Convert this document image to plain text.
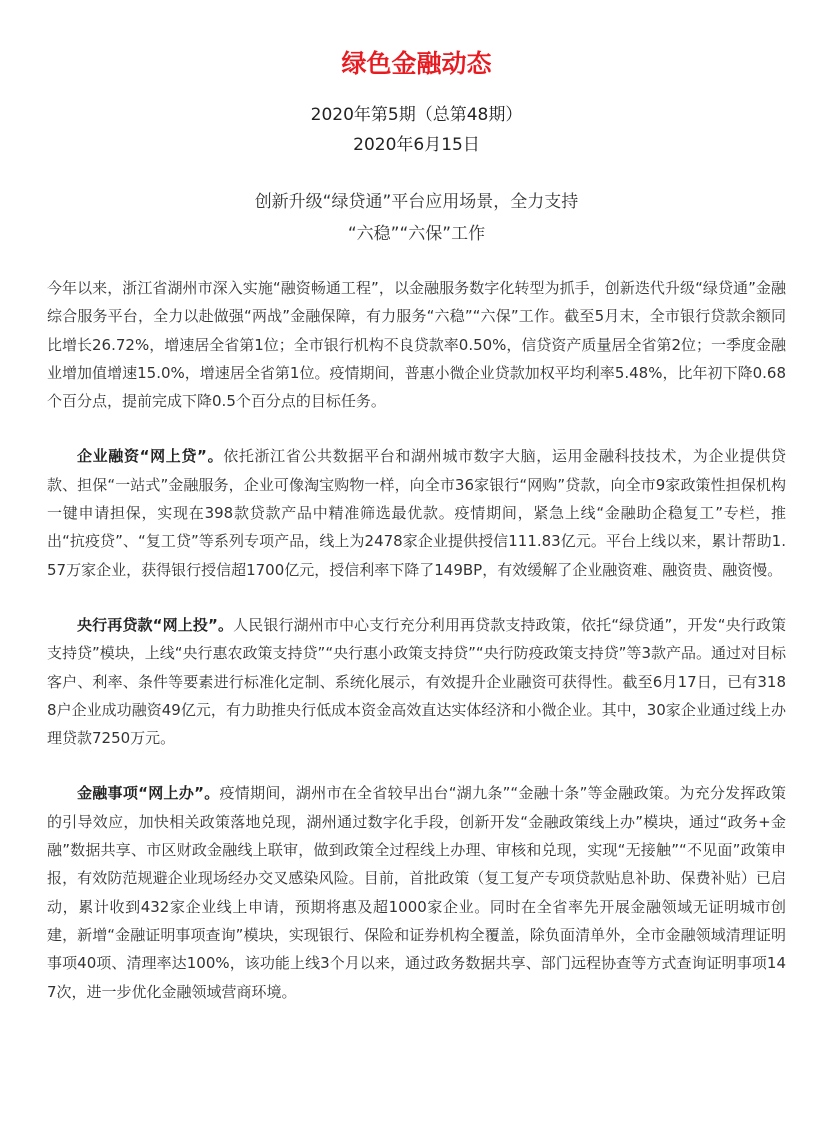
绿色金融动态

2020年第5期（总第48期）

2020年6月15日

创新升级“绿贷通”平台应用场景，全力支持

“六稳”“六保”工作

今年以来，浙江省湖州市深入实施“融资畅通工程”，以金融服务数字化转型为抓手，创新迭代升级“绿贷通”金融综合服务平台，全力以赴做强“两战”金融保障，有力服务“六稳”“六保”工作。截至5月末，全市银行贷款余额同比增长26.72%，增速居全省第1位；全市银行机构不良贷款率0.50%，信贷资产质量居全省第2位；一季度金融业增加值增速15.0%，增速居全省第1位。疫情期间，普惠小微企业贷款加权平均利率5.48%，比年初下降0.68个百分点，提前完成下降0.5个百分点的目标任务。

企业融资“网上贷”。依托浙江省公共数据平台和湖州城市数字大脑，运用金融科技技术，为企业提供贷款、担保“一站式”金融服务，企业可像淘宝购物一样，向全市36家银行“网购”贷款，向全市9家政策性担保机构一键申请担保，实现在398款贷款产品中精准筛选最优款。疫情期间，紧急上线“金融助企稳复工”专栏，推出“抗疫贷”、“复工贷”等系列专项产品，线上为2478家企业提供授信111.83亿元。平台上线以来，累计帮助1.57万家企业，获得银行授信超1700亿元，授信利率下降了149BP，有效缓解了企业融资难、融资贵、融资慢。

央行再贷款“网上投”。人民银行湖州市中心支行充分利用再贷款支持政策，依托“绿贷通”，开发“央行政策支持贷”模块，上线“央行惠农政策支持贷”“央行惠小政策支持贷”“央行防疫政策支持贷”等3款产品。通过对目标客户、利率、条件等要素进行标准化定制、系统化展示，有效提升企业融资可获得性。截至6月17日，已有3188户企业成功融资49亿元，有力助推央行低成本资金高效直达实体经济和小微企业。其中，30家企业通过线上办理贷款7250万元。

金融事项“网上办”。疫情期间，湖州市在全省较早出台“湖九条”“金融十条”等金融政策。为充分发挥政策的引导效应，加快相关政策落地兑现，湖州通过数字化手段，创新开发“金融政策线上办”模块，通过“政务+金融”数据共享、市区财政金融线上联审，做到政策全过程线上办理、审核和兑现，实现“无接触”“不见面”政策申报，有效防范规避企业现场经办交叉感染风险。目前，首批政策（复工复产专项贷款贴息补助、保费补贴）已启动，累计收到432家企业线上申请，预期将惠及超1000家企业。同时在全省率先开展金融领域无证明城市创建，新增“金融证明事项查询”模块，实现银行、保险和证券机构全覆盖，除负面清单外，全市金融领域清理证明事项40项、清理率达100%，该功能上线3个月以来，通过政务数据共享、部门远程协查等方式查询证明事项147次，进一步优化金融领域营商环境。
